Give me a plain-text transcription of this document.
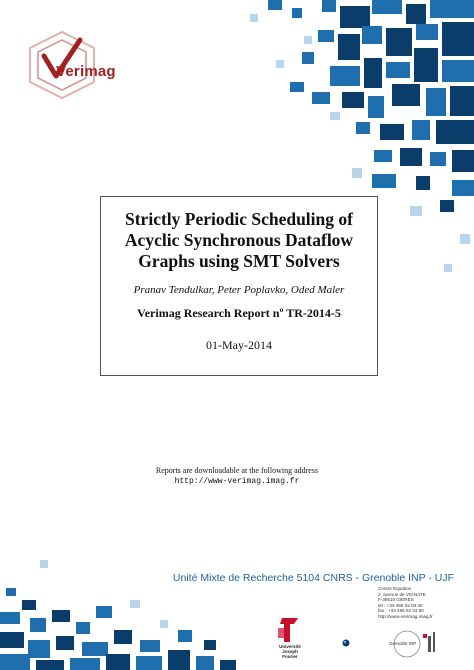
Verimag
Strictly Periodic Scheduling of Acyclic Synchronous Dataflow Graphs using SMT Solvers
Pranav Tendulkar, Peter Poplavko, Oded Maler
Verimag Research Report nº TR-2014-5
01-May-2014
Reports are downloadable at the following address
http://www-verimag.imag.fr
Unité Mixte de Recherche 5104 CNRS - Grenoble INP - UJF
Centre Equation
2, avenue de VIGNATE
F-38610 GIERES
tel : +33 456 52 03 40
fax : +33 456 52 03 50
http://www-verimag.imag.fr
Université
Joseph
Fourier
Grenoble INP
